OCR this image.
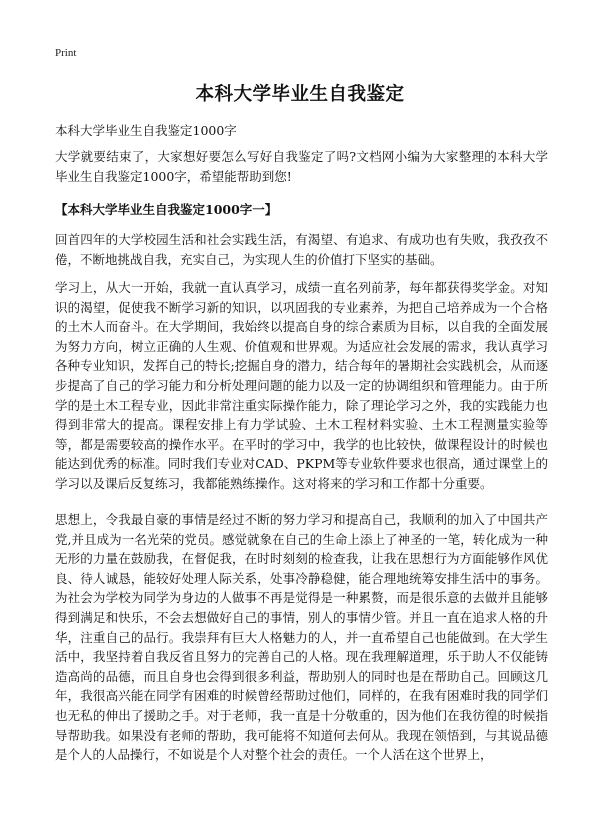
Print
本科大学毕业生自我鉴定
本科大学毕业生自我鉴定1000字

大学就要结束了，大家想好要怎么写好自我鉴定了吗?文档网小编为大家整理的本科大学毕业生自我鉴定1000字，希望能帮助到您!

【本科大学毕业生自我鉴定1000字一】

回首四年的大学校园生活和社会实践生活，有渴望、有追求、有成功也有失败，我孜孜不倦，不断地挑战自我，充实自己，为实现人生的价值打下坚实的基础。

学习上，从大一开始，我就一直认真学习，成绩一直名列前茅，每年都获得奖学金。对知识的渴望，促使我不断学习新的知识，以巩固我的专业素养，为把自己培养成为一个合格的土木人而奋斗。在大学期间，我始终以提高自身的综合素质为目标，以自我的全面发展为努力方向，树立正确的人生观、价值观和世界观。为适应社会发展的需求，我认真学习各种专业知识，发挥自己的特长;挖掘自身的潜力，结合每年的暑期社会实践机会，从而逐步提高了自己的学习能力和分析处理问题的能力以及一定的协调组织和管理能力。由于所学的是土木工程专业，因此非常注重实际操作能力，除了理论学习之外，我的实践能力也得到非常大的提高。课程安排上有力学试验、土木工程材料实验、土木工程测量实验等等，都是需要较高的操作水平。在平时的学习中，我学的也比较快，做课程设计的时候也能达到优秀的标准。同时我们专业对CAD、PKPM等专业软件要求也很高，通过课堂上的学习以及课后反复练习，我都能熟练操作。这对将来的学习和工作都十分重要。

思想上，令我最自豪的事情是经过不断的努力学习和提高自己，我顺利的加入了中国共产党,并且成为一名光荣的党员。感觉就象在自己的生命上添上了神圣的一笔，转化成为一种无形的力量在鼓励我，在督促我，在时时刻刻的检查我，让我在思想行为方面能够作风优良、待人诚恳，能较好处理人际关系，处事冷静稳健，能合理地统筹安排生活中的事务。为社会为学校为同学为身边的人做事不再是觉得是一种累赘，而是很乐意的去做并且能够得到满足和快乐，不会去想做好自己的事情，别人的事情少管。并且一直在追求人格的升华，注重自己的品行。我崇拜有巨大人格魅力的人，并一直希望自己也能做到。在大学生活中，我坚持着自我反省且努力的完善自己的人格。现在我理解道理，乐于助人不仅能铸造高尚的品德，而且自身也会得到很多利益，帮助别人的同时也是在帮助自己。回顾这几年，我很高兴能在同学有困难的时候曾经帮助过他们，同样的，在我有困难时我的同学们也无私的伸出了援助之手。对于老师，我一直是十分敬重的，因为他们在我彷徨的时候指导帮助我。如果没有老师的帮助，我可能将不知道何去何从。我现在领悟到，与其说品德是个人的人品操行，不如说是个人对整个社会的责任。一个人活在这个世界上，
